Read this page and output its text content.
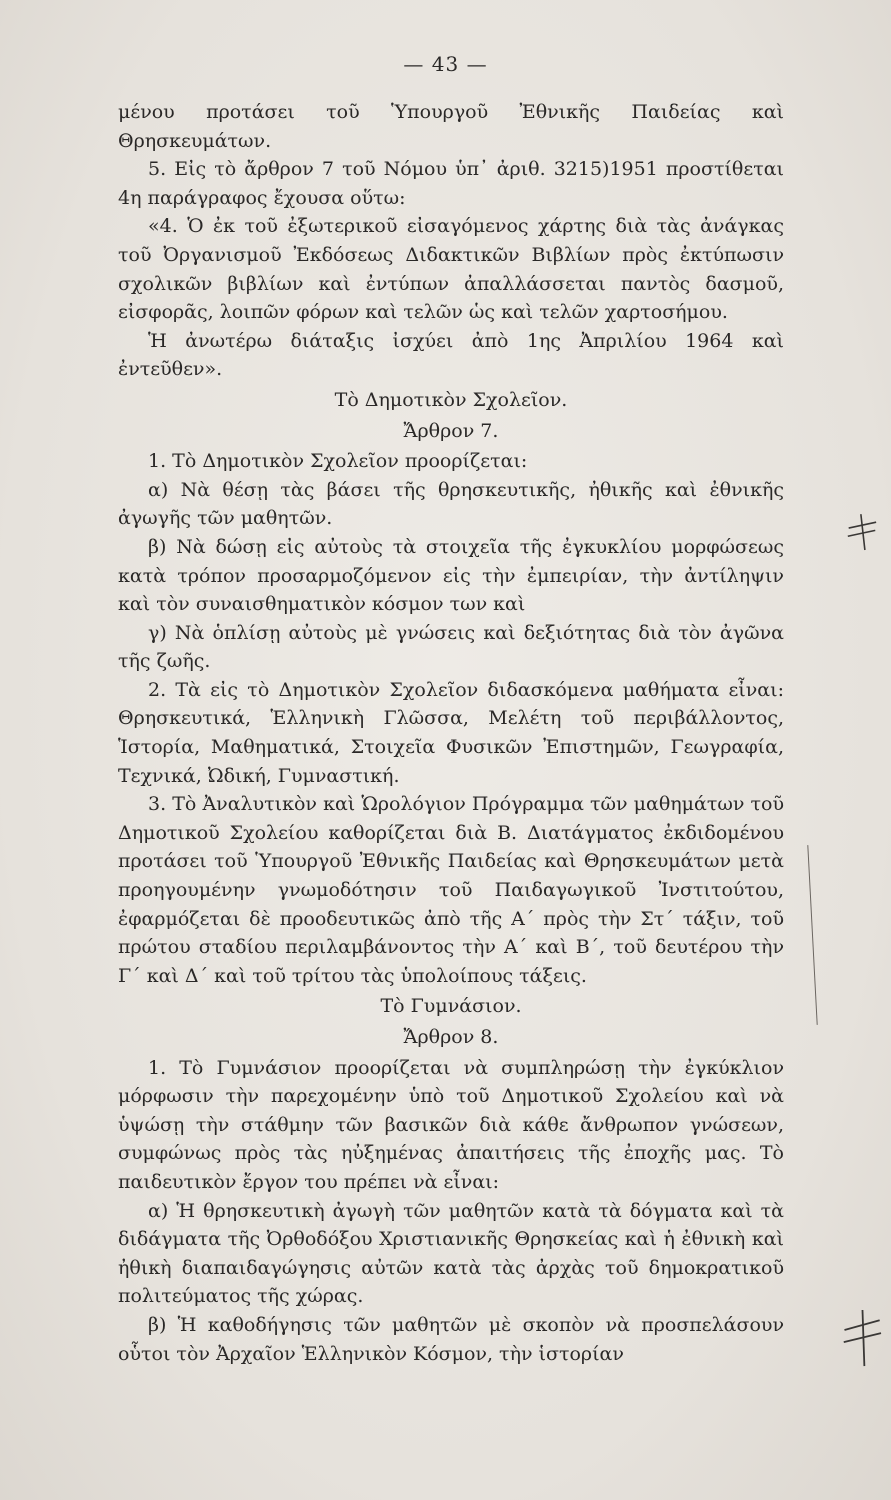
— 43 —
μένου προτάσει τοῦ Ὑπουργοῦ Ἐθνικῆς Παιδείας καὶ Θρησκευμάτων.
5. Εἰς τὸ ἄρθρον 7 τοῦ Νόμου ὑπ᾽ ἀριθ. 3215)1951 προστίθεται 4η παράγραφος ἔχουσα οὕτω:
«4. Ὁ ἐκ τοῦ ἐξωτερικοῦ εἰσαγόμενος χάρτης διὰ τὰς ἀνάγκας τοῦ Ὀργανισμοῦ Ἐκδόσεως Διδακτικῶν Βιβλίων πρὸς ἐκτύπωσιν σχολικῶν βιβλίων καὶ ἐντύπων ἀπαλλάσσεται παντὸς δασμοῦ, εἰσφορᾶς, λοιπῶν φόρων καὶ τελῶν ὡς καὶ τελῶν χαρτοσήμου.
Ἡ ἀνωτέρω διάταξις ἰσχύει ἀπὸ 1ης Ἀπριλίου 1964 καὶ ἐντεῦθεν».
Τὸ Δημοτικὸν Σχολεῖον.
Ἄρθρον 7.
1. Τὸ Δημοτικὸν Σχολεῖον προορίζεται:
α) Νὰ θέσῃ τὰς βάσει τῆς θρησκευτικῆς, ἠθικῆς καὶ ἐθνικῆς ἀγωγῆς τῶν μαθητῶν.
β) Νὰ δώσῃ εἰς αὐτοὺς τὰ στοιχεῖα τῆς ἐγκυκλίου μορφώσεως κατὰ τρόπον προσαρμοζόμενον εἰς τὴν ἐμπειρίαν, τὴν ἀντίληψιν καὶ τὸν συναισθηματικὸν κόσμον των καὶ
γ) Νὰ ὁπλίσῃ αὐτοὺς μὲ γνώσεις καὶ δεξιότητας διὰ τὸν ἀγῶνα τῆς ζωῆς.
2. Τὰ εἰς τὸ Δημοτικὸν Σχολεῖον διδασκόμενα μαθήματα εἶναι: Θρησκευτικά, Ἑλληνικὴ Γλῶσσα, Μελέτη τοῦ περιβάλλοντος, Ἱστορία, Μαθηματικά, Στοιχεῖα Φυσικῶν Ἐπιστημῶν, Γεωγραφία, Τεχνικά, Ὠδική, Γυμναστική.
3. Τὸ Ἀναλυτικὸν καὶ Ὡρολόγιον Πρόγραμμα τῶν μαθημάτων τοῦ Δημοτικοῦ Σχολείου καθορίζεται διὰ Β. Διατάγματος ἐκδιδομένου προτάσει τοῦ Ὑπουργοῦ Ἐθνικῆς Παιδείας καὶ Θρησκευμάτων μετὰ προηγουμένην γνωμοδότησιν τοῦ Παιδαγωγικοῦ Ἰνστιτούτου, ἐφαρμόζεται δὲ προοδευτικῶς ἀπὸ τῆς Α΄ πρὸς τὴν Στ΄ τάξιν, τοῦ πρώτου σταδίου περιλαμβάνοντος τὴν Α΄ καὶ Β΄, τοῦ δευτέρου τὴν Γ΄ καὶ Δ΄ καὶ τοῦ τρίτου τὰς ὑπολοίπους τάξεις.
Τὸ Γυμνάσιον.
Ἄρθρον 8.
1. Τὸ Γυμνάσιον προορίζεται νὰ συμπληρώσῃ τὴν ἐγκύκλιον μόρφωσιν τὴν παρεχομένην ὑπὸ τοῦ Δημοτικοῦ Σχολείου καὶ νὰ ὑψώσῃ τὴν στάθμην τῶν βασικῶν διὰ κάθε ἄνθρωπον γνώσεων, συμφώνως πρὸς τὰς ηὐξημένας ἀπαιτήσεις τῆς ἐποχῆς μας. Τὸ παιδευτικὸν ἔργον του πρέπει νὰ εἶναι:
α) Ἡ θρησκευτικὴ ἀγωγὴ τῶν μαθητῶν κατὰ τὰ δόγματα καὶ τὰ διδάγματα τῆς Ὀρθοδόξου Χριστιανικῆς Θρησκείας καὶ ἡ ἐθνικὴ καὶ ἠθικὴ διαπαιδαγώγησις αὐτῶν κατὰ τὰς ἀρχὰς τοῦ δημοκρατικοῦ πολιτεύματος τῆς χώρας.
β) Ἡ καθοδήγησις τῶν μαθητῶν μὲ σκοπὸν νὰ προσπελάσουν οὗτοι τὸν Ἀρχαῖον Ἑλληνικὸν Κόσμον, τὴν ἱστορίαν
